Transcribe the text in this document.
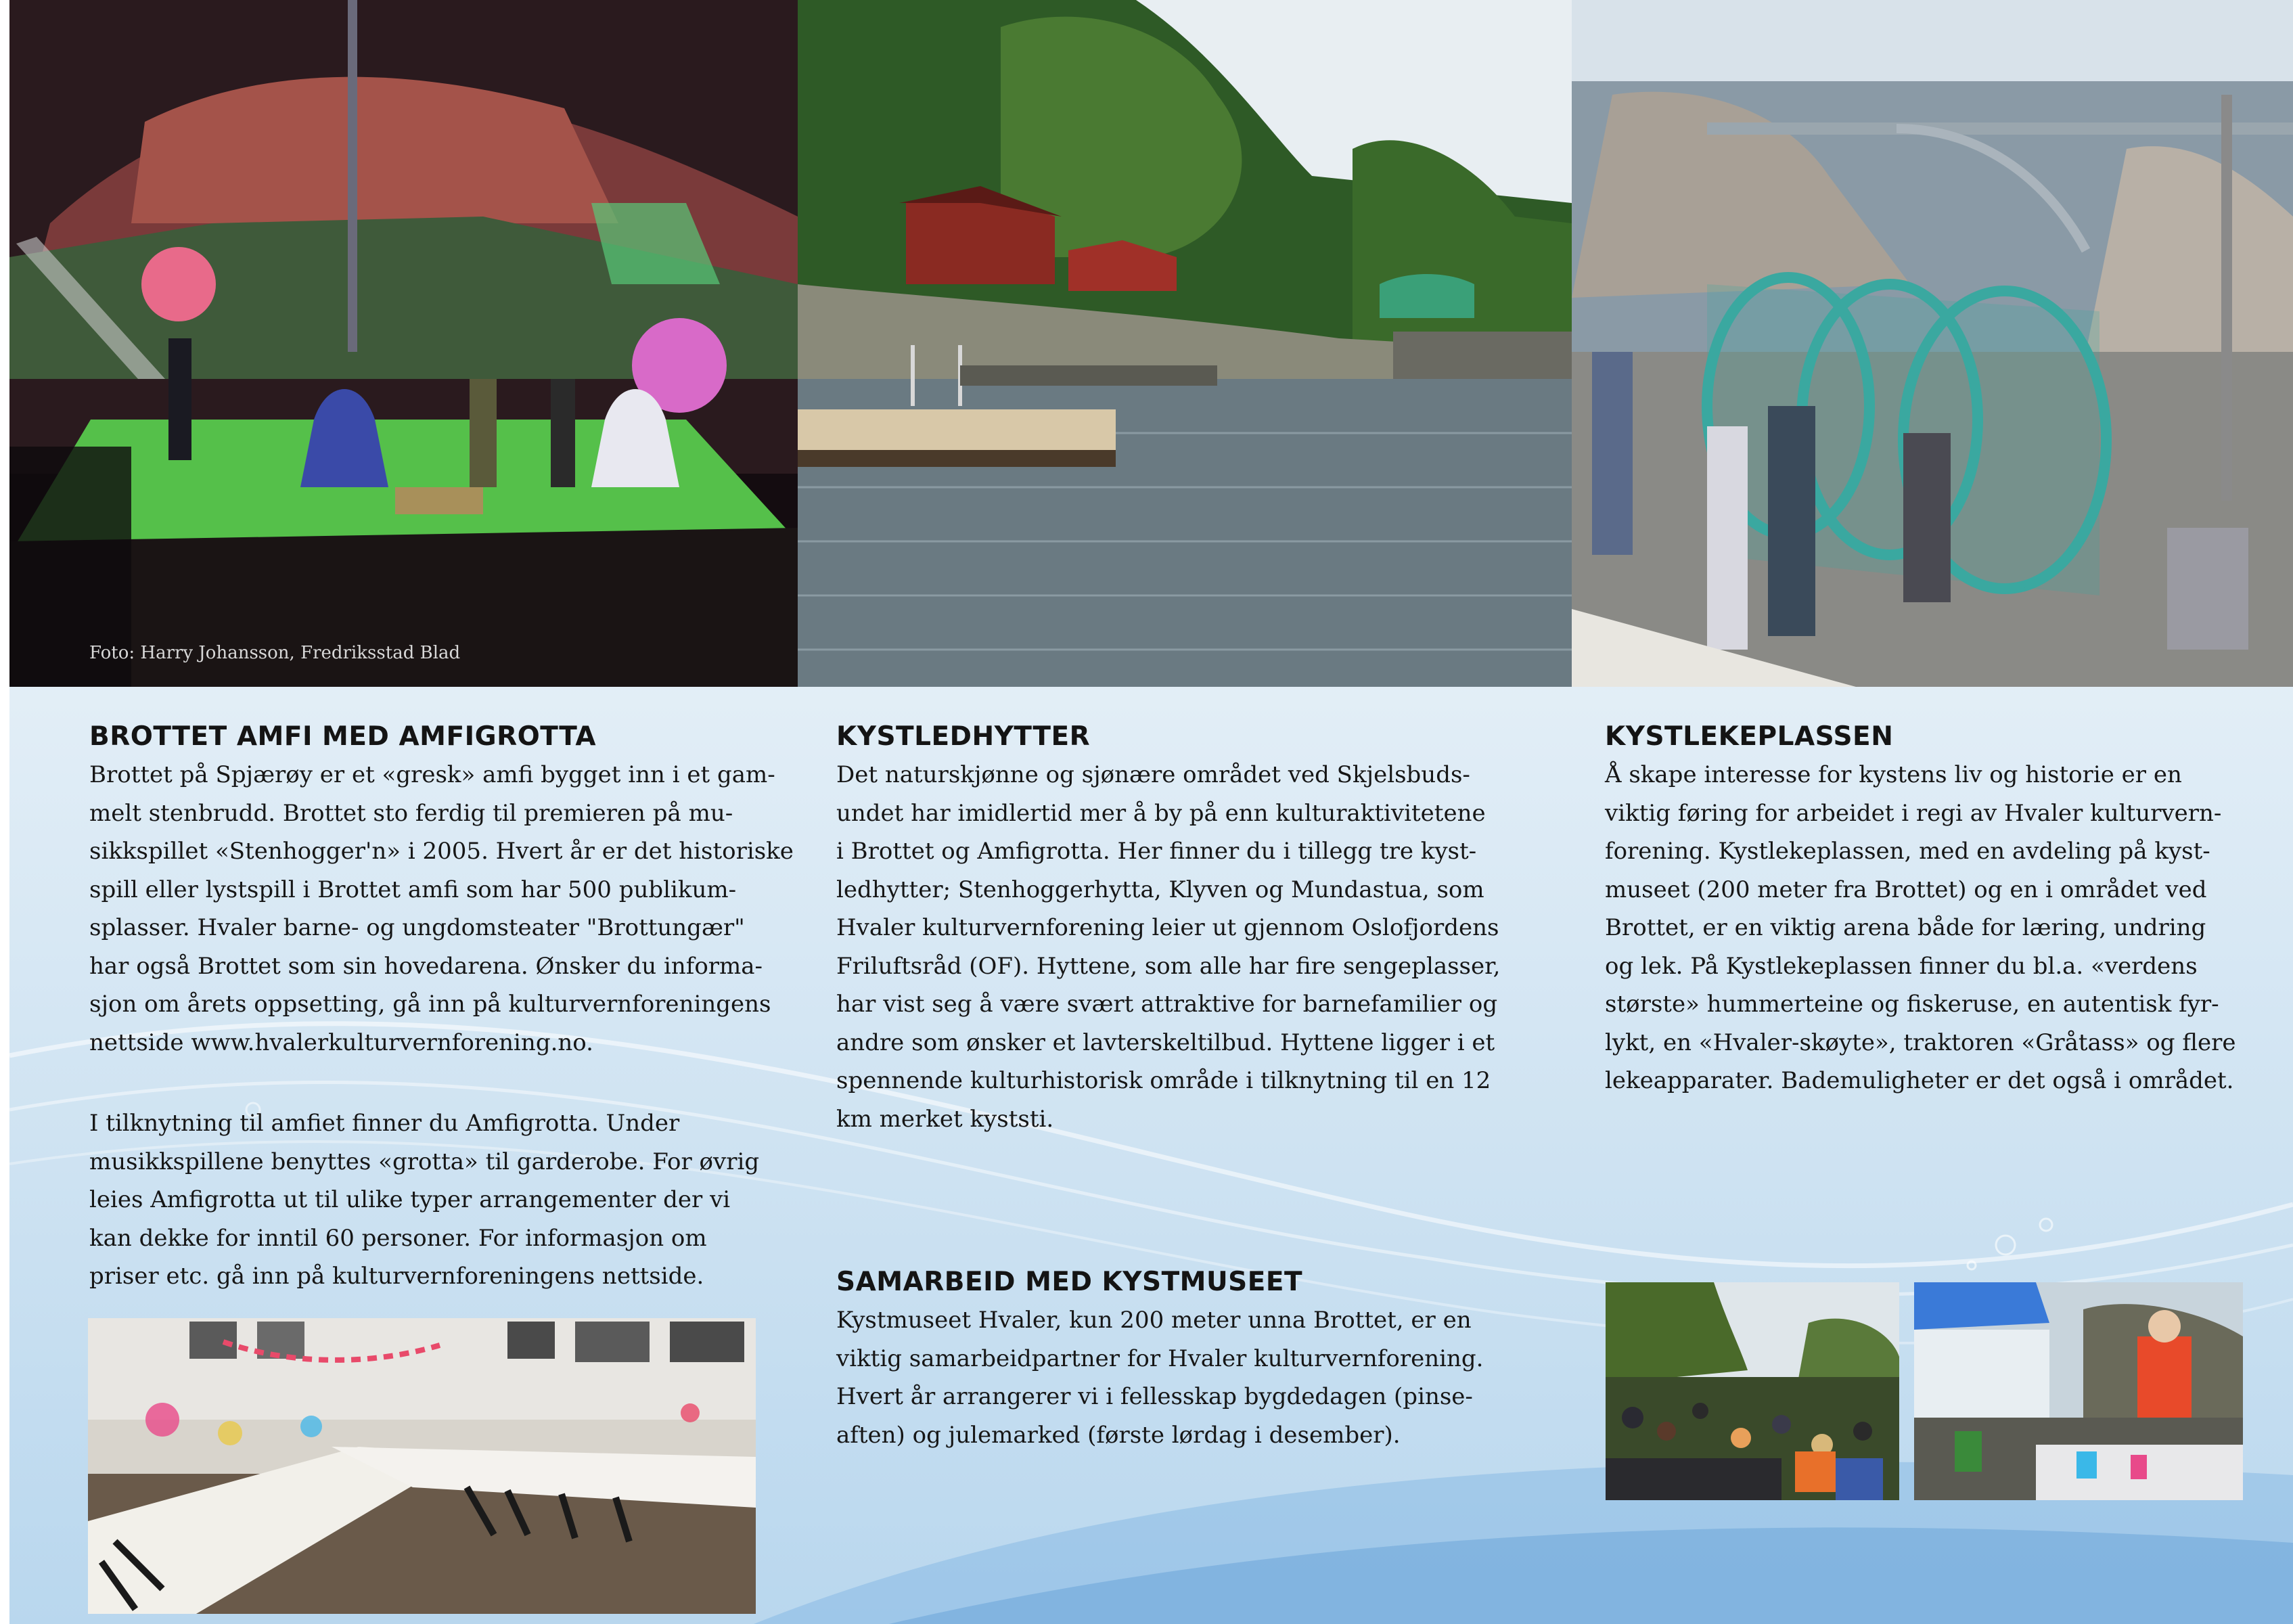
Foto: Harry Johansson, Fredriksstad Blad
BROTTET AMFI MED AMFIGROTTA

Brottet på Spjærøy er et «gresk» amfi bygget inn i et gam-
melt stenbrudd. Brottet sto ferdig til premieren på mu-
sikkspillet «Stenhogger'n» i 2005. Hvert år er det historiske
spill eller lystspill i Brottet amfi som har 500 publikum-
splasser. Hvaler barne- og ungdomsteater "Brottungær"
har også Brottet som sin hovedarena. Ønsker du informa-
sjon om årets oppsetting, gå inn på kulturvernforeningens
nettside www.hvalerkulturvernforening.no.

I tilknytning til amfiet finner du Amfigrotta. Under
musikkspillene benyttes «grotta» til garderobe. For øvrig
leies Amfigrotta ut til ulike typer arrangementer der vi
kan dekke for inntil 60 personer. For informasjon om
priser etc. gå inn på kulturvernforeningens nettside.

KYSTLEDHYTTER

Det naturskjønne og sjønære området ved Skjelsbuds-
undet har imidlertid mer å by på enn kulturaktivitetene
i Brottet og Amfigrotta. Her finner du i tillegg tre kyst-
ledhytter; Stenhoggerhytta, Klyven og Mundastua, som
Hvaler kulturvernforening leier ut gjennom Oslofjordens
Friluftsråd (OF). Hyttene, som alle har fire sengeplasser,
har vist seg å være svært attraktive for barnefamilier og
andre som ønsker et lavterskeltilbud. Hyttene ligger i et
spennende kulturhistorisk område i tilknytning til en 12
km merket kyststi.

KYSTLEKEPLASSEN

Å skape interesse for kystens liv og historie er en
viktig føring for arbeidet i regi av Hvaler kulturvern-
forening. Kystlekeplassen, med en avdeling på kyst-
museet (200 meter fra Brottet) og en i området ved
Brottet, er en viktig arena både for læring, undring
og lek. På Kystlekeplassen finner du bl.a. «verdens
største» hummerteine og fiskeruse, en autentisk fyr-
lykt, en «Hvaler-skøyte», traktoren «Gråtass» og flere
lekeapparater. Bademuligheter er det også i området.

SAMARBEID MED KYSTMUSEET

Kystmuseet Hvaler, kun 200 meter unna Brottet, er en
viktig samarbeidpartner for Hvaler kulturvernforening.
Hvert år arrangerer vi i fellesskap bygdedagen (pinse-
aften) og julemarked (første lørdag i desember).
